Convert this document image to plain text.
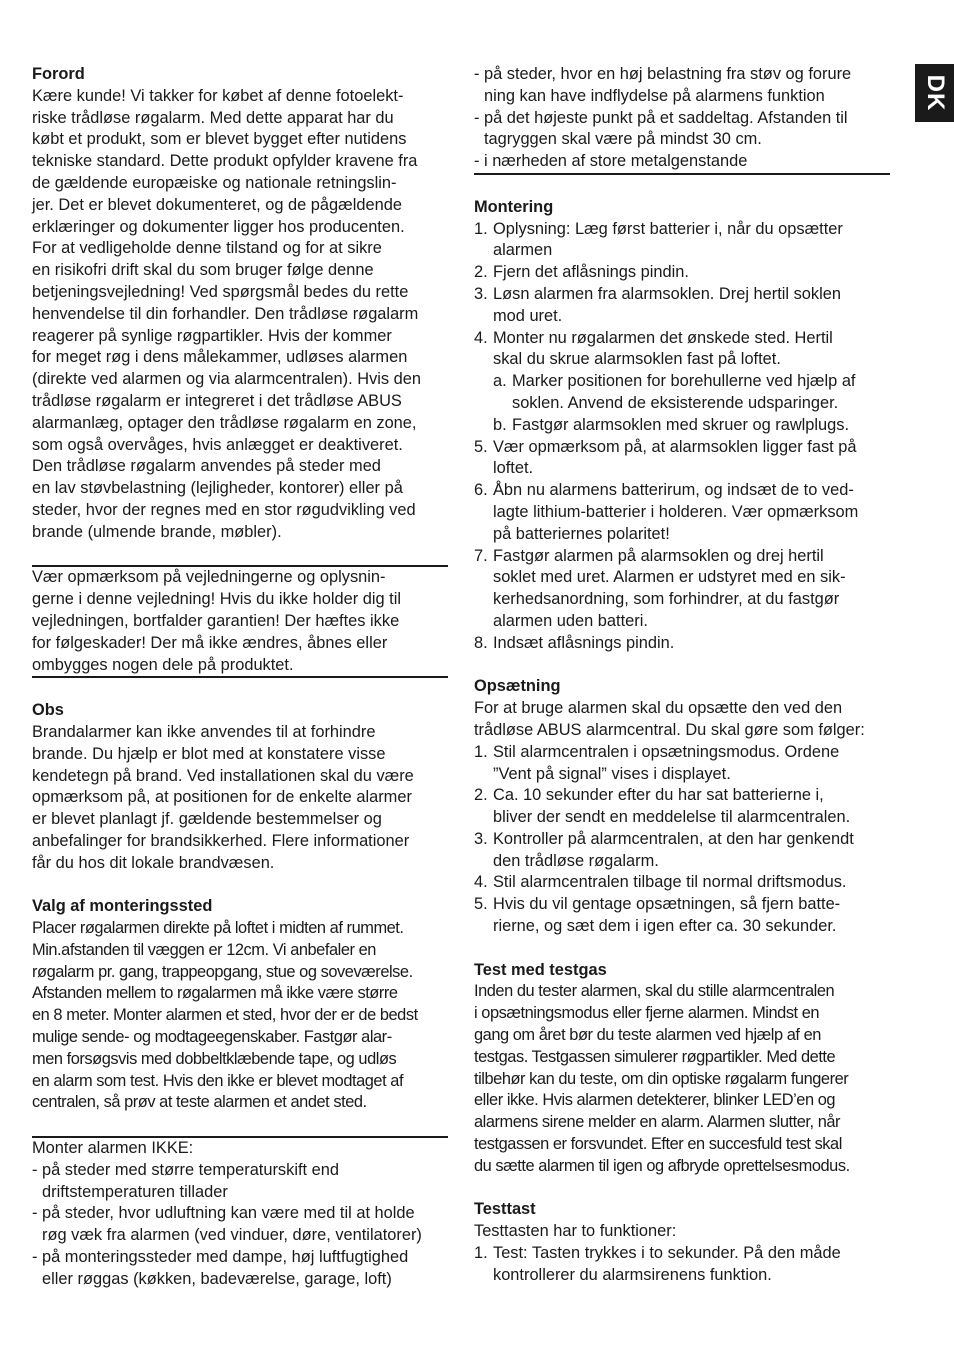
DK

Forord

Kære kunde! Vi takker for købet af denne fotoelekt-
riske trådløse røgalarm. Med dette apparat har du
købt et produkt, som er blevet bygget efter nutidens
tekniske standard. Dette produkt opfylder kravene fra
de gældende europæiske og nationale retningslin-
jer. Det er blevet dokumenteret, og de pågældende
erklæringer og dokumenter ligger hos producenten.
For at vedligeholde denne tilstand og for at sikre
en risikofri drift skal du som bruger følge denne
betjeningsvejledning! Ved spørgsmål bedes du rette
henvendelse til din forhandler. Den trådløse røgalarm
reagerer på synlige røgpartikler. Hvis der kommer
for meget røg i dens målekammer, udløses alarmen
(direkte ved alarmen og via alarmcentralen). Hvis den
trådløse røgalarm er integreret i det trådløse ABUS
alarmanlæg, optager den trådløse røgalarm en zone,
som også overvåges, hvis anlægget er deaktiveret.
Den trådløse røgalarm anvendes på steder med
en lav støvbelastning (lejligheder, kontorer) eller på
steder, hvor der regnes med en stor røgudvikling ved
brande (ulmende brande, møbler).
Vær opmærksom på vejledningerne og oplysnin-
gerne i denne vejledning! Hvis du ikke holder dig til
vejledningen, bortfalder garantien! Der hæftes ikke
for følgeskader! Der må ikke ændres, åbnes eller
ombygges nogen dele på produktet.

Obs

Brandalarmer kan ikke anvendes til at forhindre
brande. Du hjælp er blot med at konstatere visse
kendetegn på brand. Ved installationen skal du være
opmærksom på, at positionen for de enkelte alarmer
er blevet planlagt jf. gældende bestemmelser og
anbefalinger for brandsikkerhed. Flere informationer
får du hos dit lokale brandvæsen.

Valg af monteringssted

Placer røgalarmen direkte på loftet i midten af rummet.
Min.afstanden til væggen er 12cm. Vi anbefaler en
røgalarm pr. gang, trappeopgang, stue og soveværelse.
Afstanden mellem to røgalarmen må ikke være større
en 8 meter. Monter alarmen et sted, hvor der er de bedst
mulige sende- og modtageegenskaber. Fastgør alar-
men forsøgsvis med dobbeltklæbende tape, og udløs
en alarm som test. Hvis den ikke er blevet modtaget af
centralen, så prøv at teste alarmen et andet sted.

Monter alarmen IKKE:

- på steder med større temperaturskift end
driftstemperaturen tillader
- på steder, hvor udluftning kan være med til at holde
røg væk fra alarmen (ved vinduer, døre, ventilatorer)
- på monteringssteder med dampe, høj luftfugtighed
eller røggas (køkken, badeværelse, garage, loft)
- på steder, hvor en høj belastning fra støv og forure
ning kan have indflydelse på alarmens funktion
- på det højeste punkt på et saddeltag. Afstanden til
tagryggen skal være på mindst 30 cm.
- i nærheden af store metalgenstande

Montering

1. Oplysning: Læg først batterier i, når du opsætter
alarmen
2. Fjern det aflåsnings pindin.
3. Løsn alarmen fra alarmsoklen. Drej hertil soklen
mod uret.
4. Monter nu røgalarmen det ønskede sted. Hertil
skal du skrue alarmsoklen fast på loftet.
a. Marker positionen for borehullerne ved hjælp af
soklen. Anvend de eksisterende udsparinger.
b. Fastgør alarmsoklen med skruer og rawlplugs.
5. Vær opmærksom på, at alarmsoklen ligger fast på
loftet.
6. Åbn nu alarmens batterirum, og indsæt de to ved-
lagte lithium-batterier i holderen. Vær opmærksom
på batteriernes polaritet!
7. Fastgør alarmen på alarmsoklen og drej hertil
soklet med uret. Alarmen er udstyret med en sik-
kerhedsanordning, som forhindrer, at du fastgør
alarmen uden batteri.
8. Indsæt aflåsnings pindin.

Opsætning

For at bruge alarmen skal du opsætte den ved den
trådløse ABUS alarmcentral. Du skal gøre som følger:
1. Stil alarmcentralen i opsætningsmodus. Ordene
”Vent på signal” vises i displayet.
2. Ca. 10 sekunder efter du har sat batterierne i,
bliver der sendt en meddelelse til alarmcentralen.
3. Kontroller på alarmcentralen, at den har genkendt
den trådløse røgalarm.
4. Stil alarmcentralen tilbage til normal driftsmodus.
5. Hvis du vil gentage opsætningen, så fjern batte-
rierne, og sæt dem i igen efter ca. 30 sekunder.

Test med testgas

Inden du tester alarmen, skal du stille alarmcentralen
i opsætningsmodus eller fjerne alarmen. Mindst en
gang om året bør du teste alarmen ved hjælp af en
testgas. Testgassen simulerer røgpartikler. Med dette
tilbehør kan du teste, om din optiske røgalarm fungerer
eller ikke. Hvis alarmen detekterer, blinker LED’en og
alarmens sirene melder en alarm. Alarmen slutter, når
testgassen er forsvundet. Efter en succesfuld test skal
du sætte alarmen til igen og afbryde oprettelsesmodus.

Testtast

Testtasten har to funktioner:
1. Test: Tasten trykkes i to sekunder. På den måde
kontrollerer du alarmsirenens funktion.
